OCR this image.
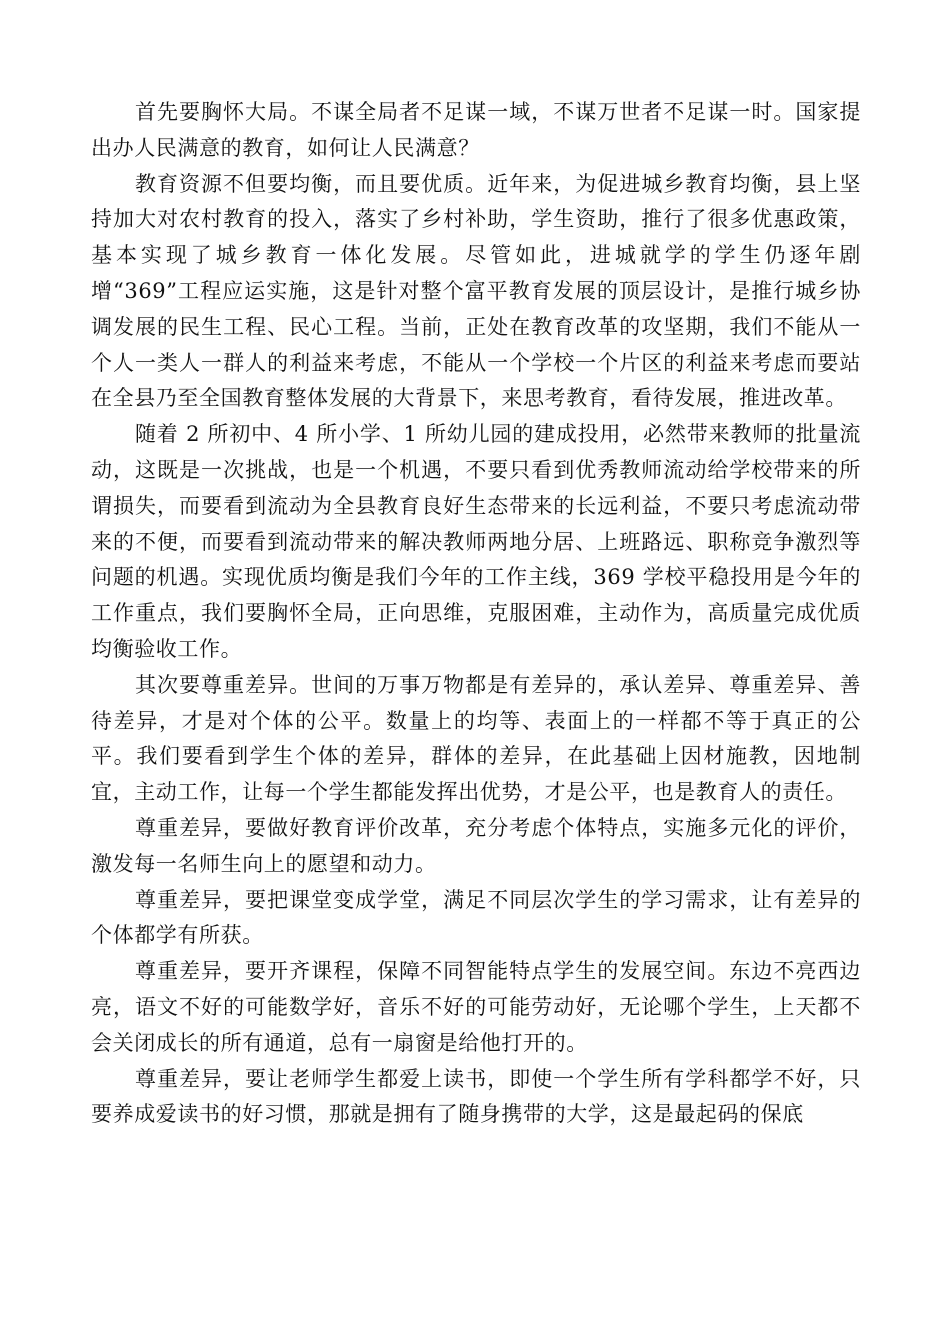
首先要胸怀大局。不谋全局者不足谋一域，不谋万世者不足谋一时。国家提出办人民满意的教育，如何让人民满意？

教育资源不但要均衡，而且要优质。近年来，为促进城乡教育均衡，县上坚持加大对农村教育的投入，落实了乡村补助，学生资助，推行了很多优惠政策，基本实现了城乡教育一体化发展。尽管如此，进城就学的学生仍逐年剧增“369”工程应运实施，这是针对整个富平教育发展的顶层设计，是推行城乡协调发展的民生工程、民心工程。当前，正处在教育改革的攻坚期，我们不能从一个人一类人一群人的利益来考虑，不能从一个学校一个片区的利益来考虑而要站在全县乃至全国教育整体发展的大背景下，来思考教育，看待发展，推进改革。

随着 2 所初中、4 所小学、1 所幼儿园的建成投用，必然带来教师的批量流动，这既是一次挑战，也是一个机遇，不要只看到优秀教师流动给学校带来的所谓损失，而要看到流动为全县教育良好生态带来的长远利益，不要只考虑流动带来的不便，而要看到流动带来的解决教师两地分居、上班路远、职称竞争激烈等问题的机遇。实现优质均衡是我们今年的工作主线，369 学校平稳投用是今年的工作重点，我们要胸怀全局，正向思维，克服困难，主动作为，高质量完成优质均衡验收工作。

其次要尊重差异。世间的万事万物都是有差异的，承认差异、尊重差异、善待差异，才是对个体的公平。数量上的均等、表面上的一样都不等于真正的公平。我们要看到学生个体的差异，群体的差异，在此基础上因材施教，因地制宜，主动工作，让每一个学生都能发挥出优势，才是公平，也是教育人的责任。

尊重差异，要做好教育评价改革，充分考虑个体特点，实施多元化的评价，激发每一名师生向上的愿望和动力。

尊重差异，要把课堂变成学堂，满足不同层次学生的学习需求，让有差异的个体都学有所获。

尊重差异，要开齐课程，保障不同智能特点学生的发展空间。东边不亮西边亮，语文不好的可能数学好，音乐不好的可能劳动好，无论哪个学生，上天都不会关闭成长的所有通道，总有一扇窗是给他打开的。

尊重差异，要让老师学生都爱上读书，即使一个学生所有学科都学不好，只要养成爱读书的好习惯，那就是拥有了随身携带的大学，这是最起码的保底
